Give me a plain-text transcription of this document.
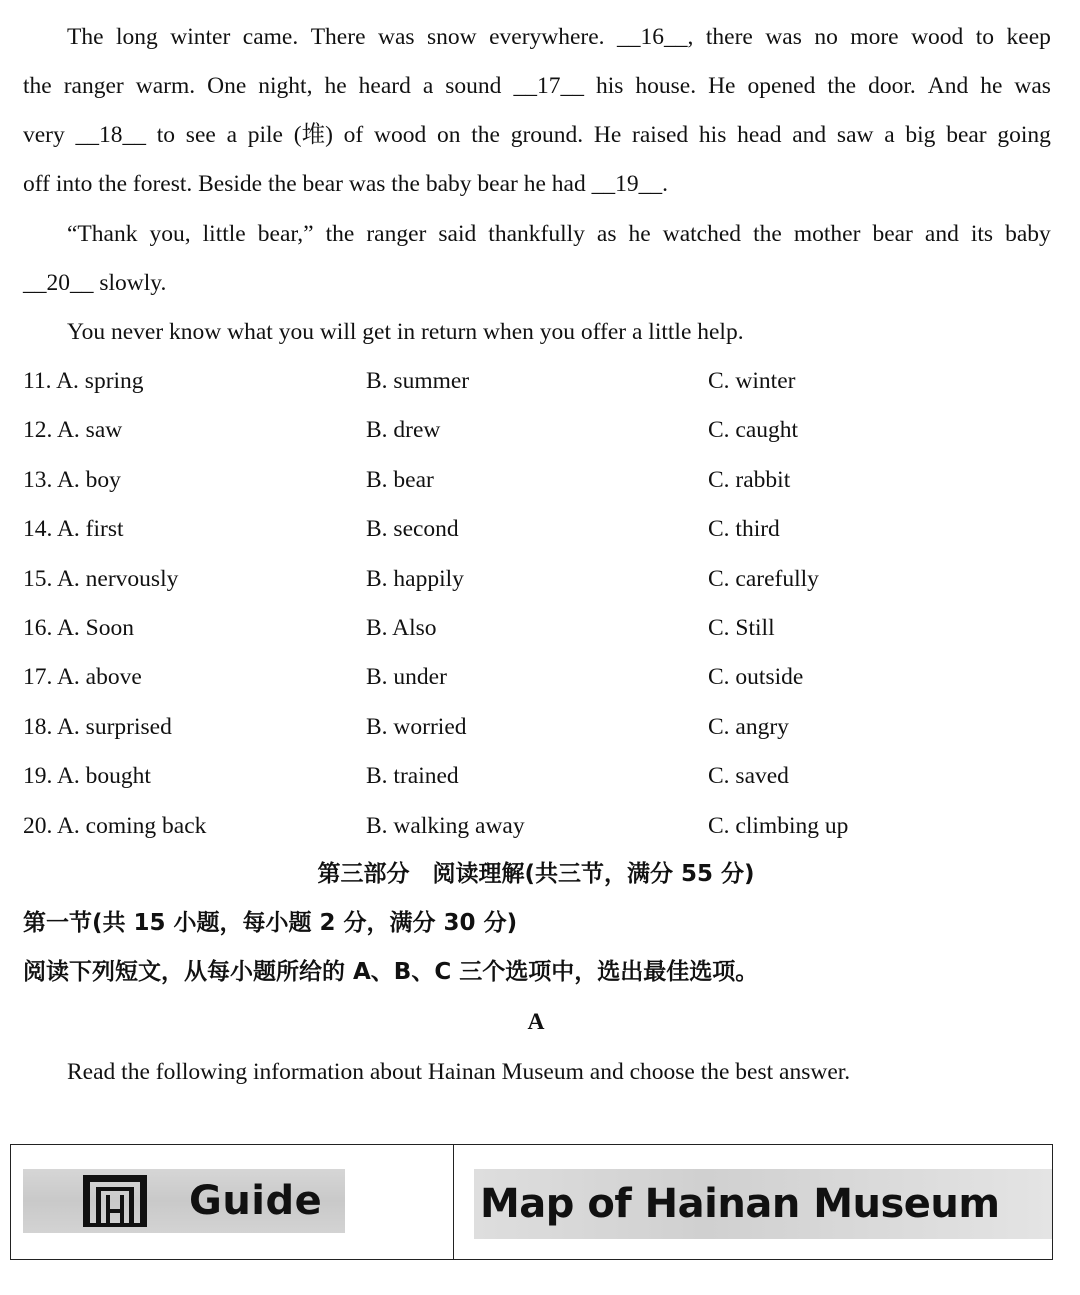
The long winter came. There was snow everywhere. __16__, there was no more wood to keep
the ranger warm. One night, he heard a sound __17__ his house. He opened the door. And he was
very __18__ to see a pile (堆) of wood on the ground. He raised his head and saw a big bear going
off into the forest. Beside the bear was the baby bear he had __19__.
“Thank you, little bear,” the ranger said thankfully as he watched the mother bear and its baby
__20__ slowly.
You never know what you will get in return when you offer a little help.
11. A. spring	B. summer	C. winter
12. A. saw	B. drew	C. caught
13. A. boy	B. bear	C. rabbit
14. A. first	B. second	C. third
15. A. nervously	B. happily	C. carefully
16. A. Soon	B. Also	C. Still
17. A. above	B. under	C. outside
18. A. surprised	B. worried	C. angry
19. A. bought	B. trained	C. saved
20. A. coming back	B. walking away	C. climbing up
第三部分　阅读理解(共三节，满分 55 分)
第一节(共 15 小题，每小题 2 分，满分 30 分)
阅读下列短文，从每小题所给的 A、B、C 三个选项中，选出最佳选项。
A
Read the following information about Hainan Museum and choose the best answer.
Guide	Map of Hainan Museum
